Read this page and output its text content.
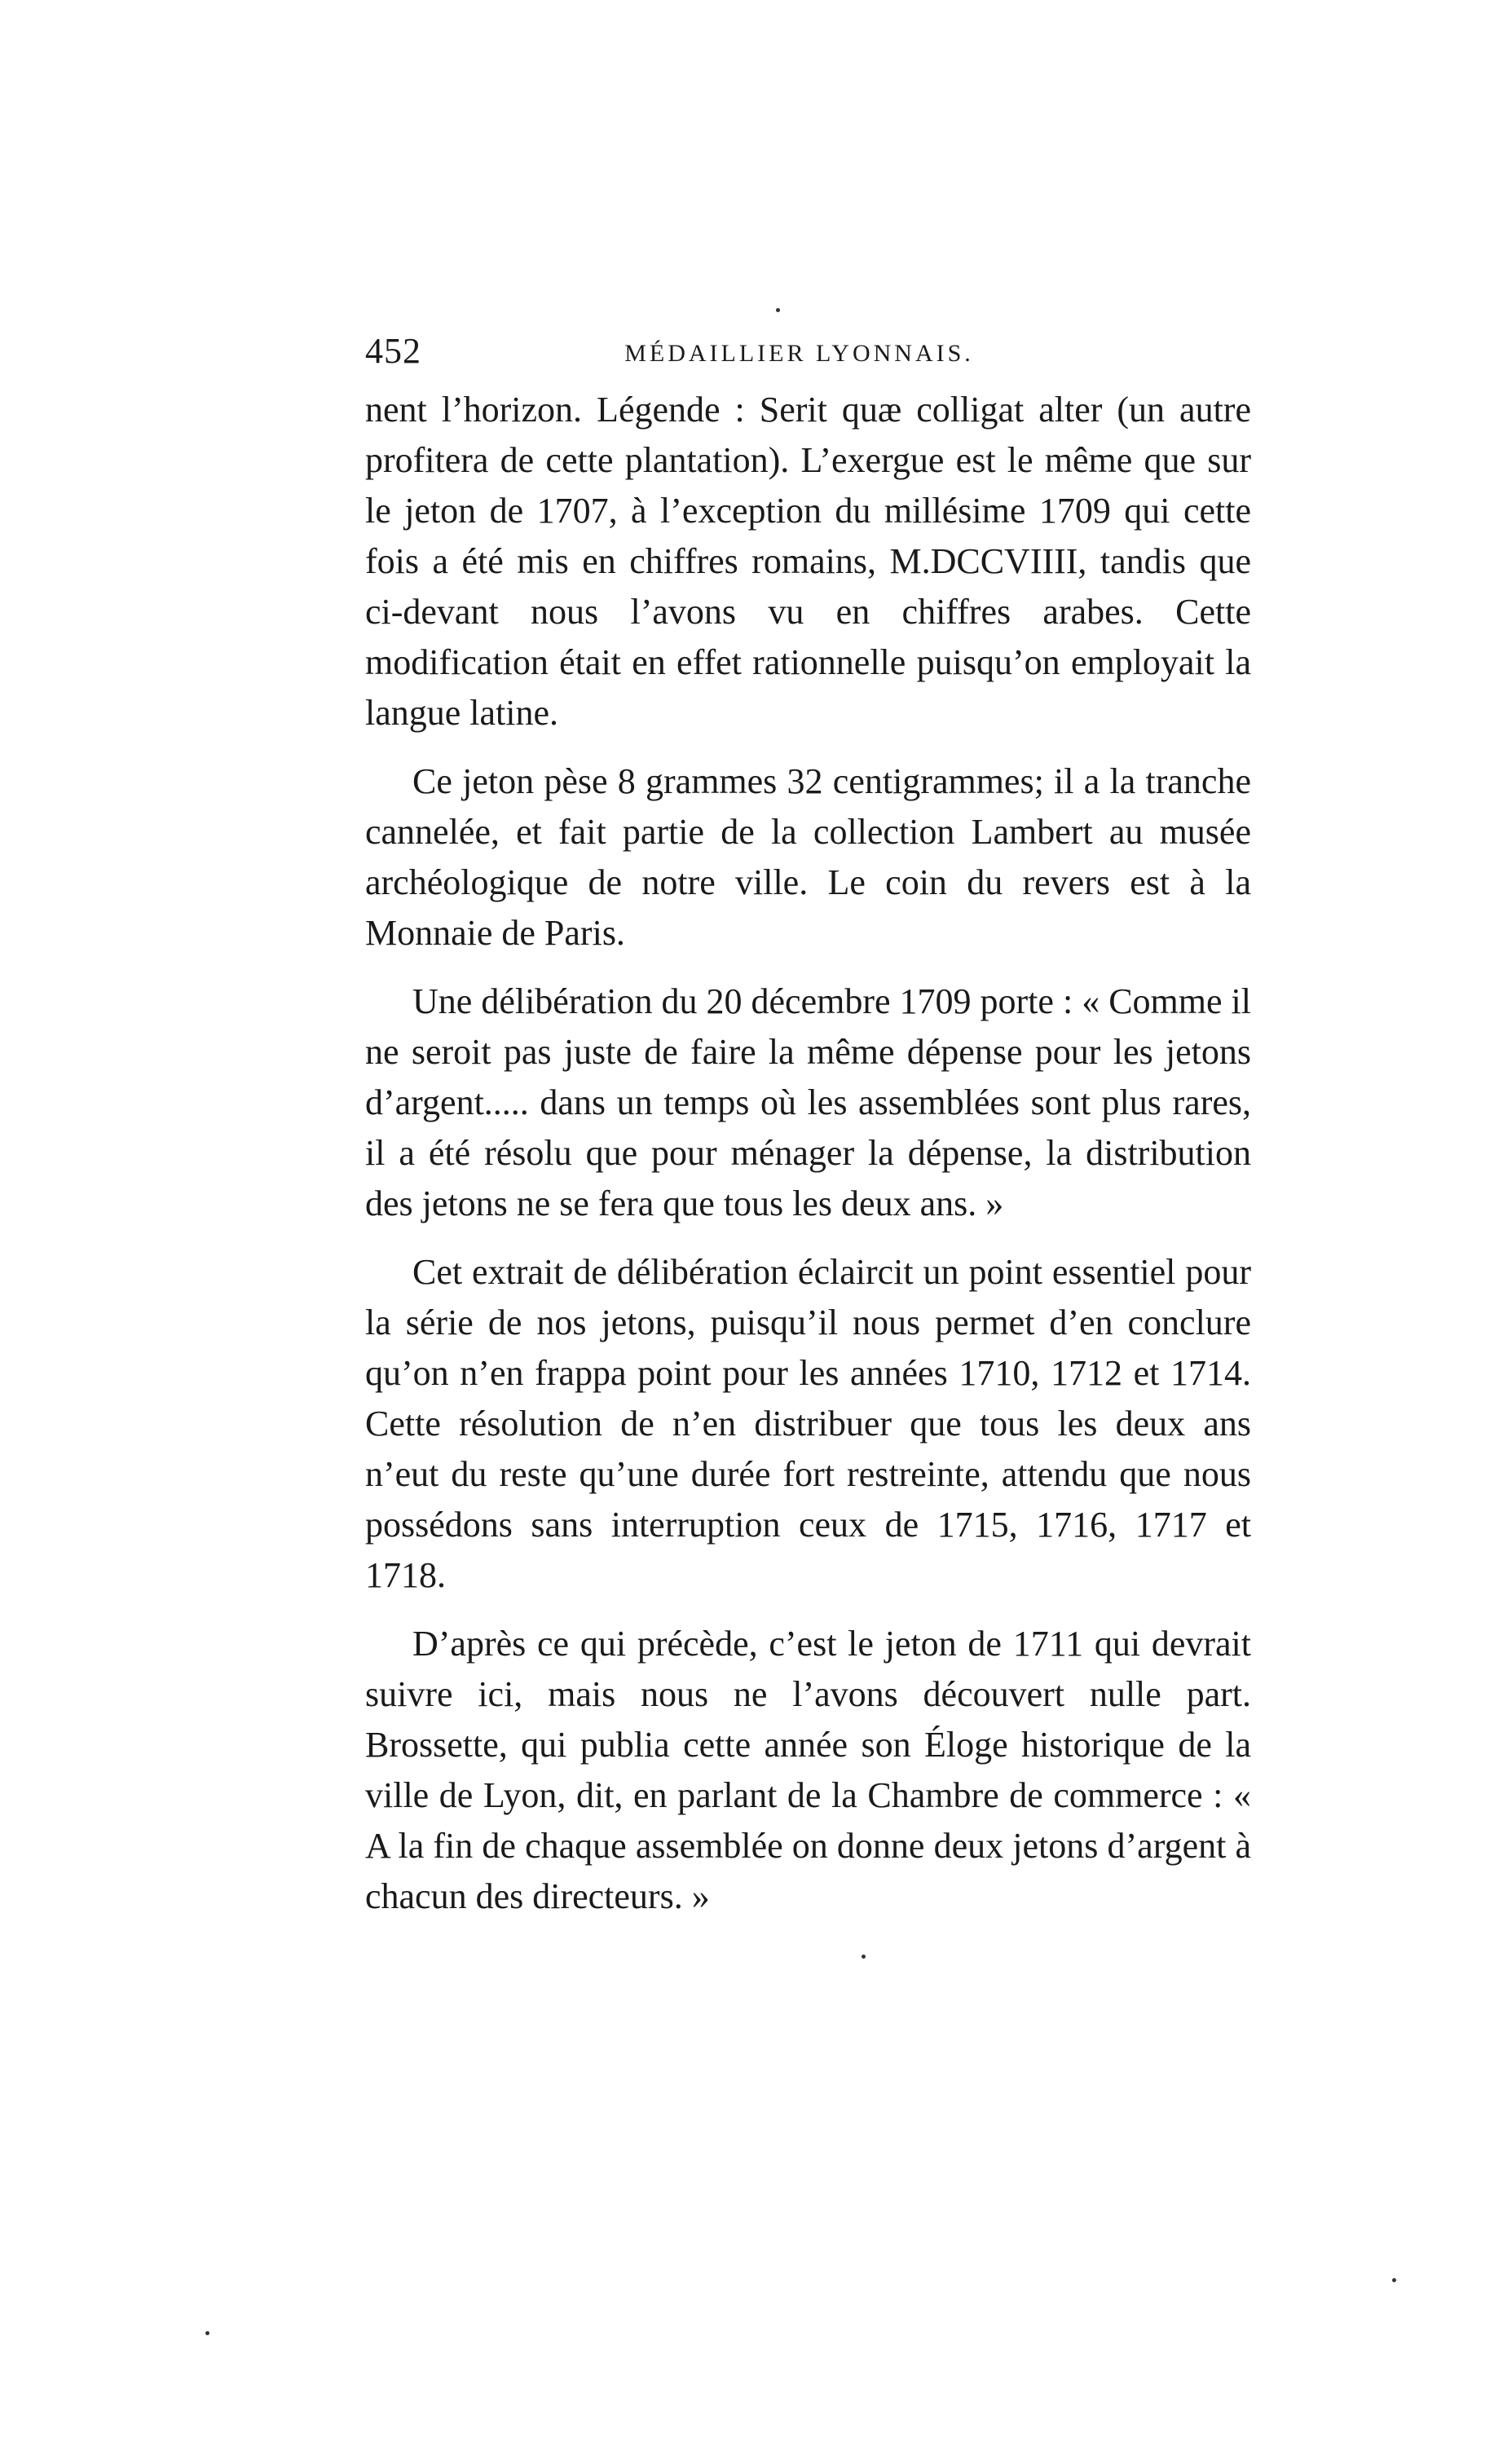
452	MÉDAILLIER LYONNAIS.

nent l’horizon. Légende : Serit quæ colligat alter (un autre profitera de cette plantation). L’exergue est le même que sur le jeton de 1707, à l’exception du millésime 1709 qui cette fois a été mis en chiffres romains, M.DCCVIIII, tandis que ci-devant nous l’avons vu en chiffres arabes. Cette modification était en effet rationnelle puisqu’on employait la langue latine.

Ce jeton pèse 8 grammes 32 centigrammes; il a la tranche cannelée, et fait partie de la collection Lambert au musée archéologique de notre ville. Le coin du revers est à la Monnaie de Paris.

Une délibération du 20 décembre 1709 porte : « Comme il ne seroit pas juste de faire la même dépense pour les jetons d’argent..... dans un temps où les assemblées sont plus rares, il a été résolu que pour ménager la dépense, la distribution des jetons ne se fera que tous les deux ans. »

Cet extrait de délibération éclaircit un point essentiel pour la série de nos jetons, puisqu’il nous permet d’en conclure qu’on n’en frappa point pour les années 1710, 1712 et 1714. Cette résolution de n’en distribuer que tous les deux ans n’eut du reste qu’une durée fort restreinte, attendu que nous possédons sans interruption ceux de 1715, 1716, 1717 et 1718.

D’après ce qui précède, c’est le jeton de 1711 qui devrait suivre ici, mais nous ne l’avons découvert nulle part. Brossette, qui publia cette année son Éloge historique de la ville de Lyon, dit, en parlant de la Chambre de commerce : « A la fin de chaque assemblée on donne deux jetons d’argent à chacun des directeurs. »
